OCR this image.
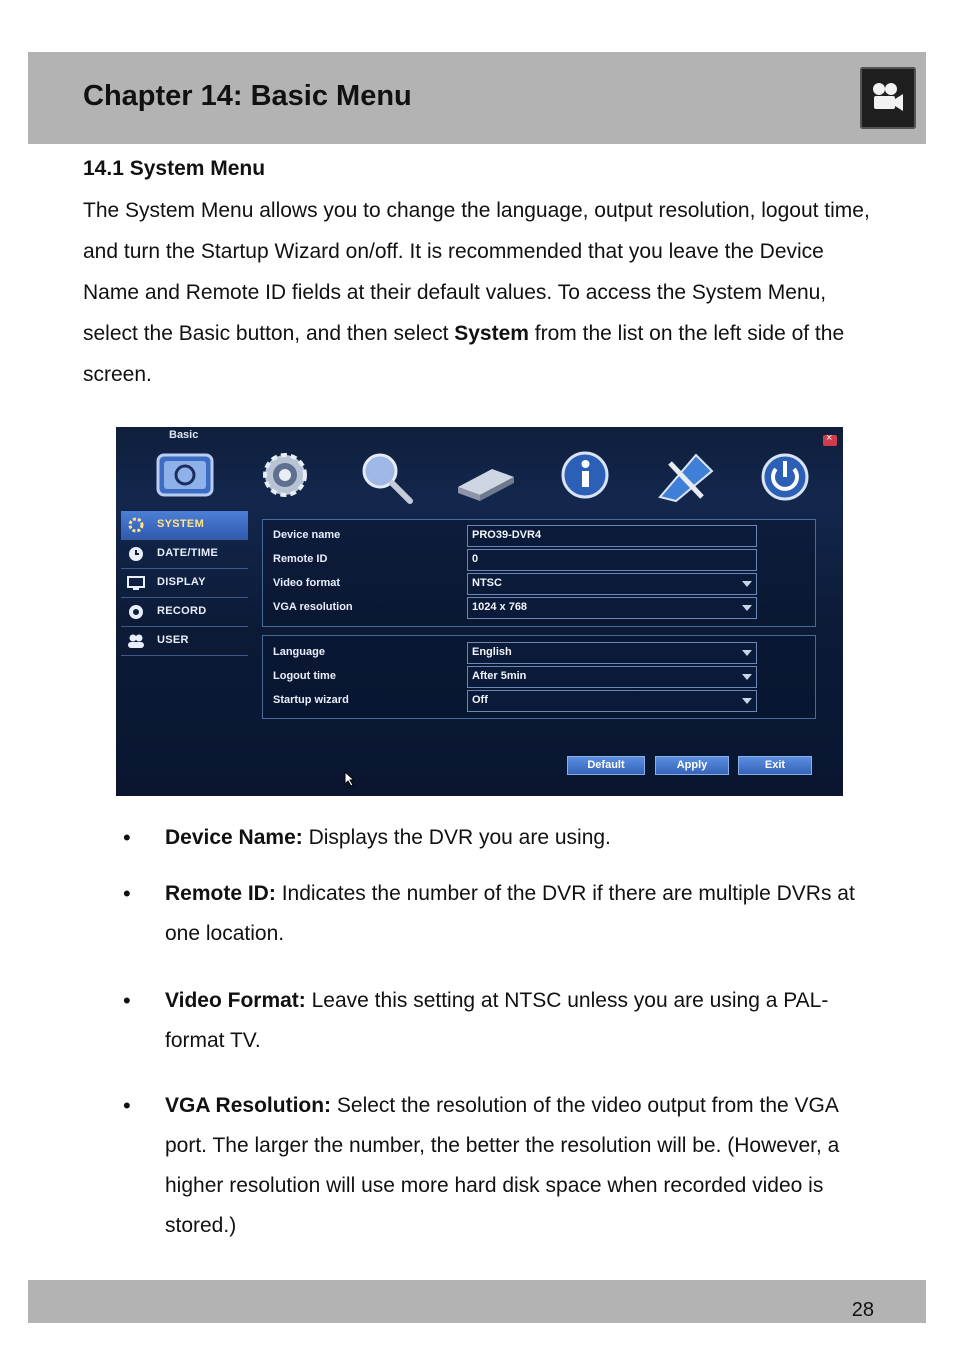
Chapter 14: Basic Menu
14.1 System Menu
The System Menu allows you to change the language, output resolution, logout time, and turn the Startup Wizard on/off. It is recommended that you leave the Device Name and Remote ID fields at their default values. To access the System Menu, select the Basic button, and then select System from the list on the left side of the screen.
Basic
×
SYSTEM
DATE/TIME
DISPLAY
RECORD
USER
Device name	PRO39-DVR4
Remote ID	0
Video format	NTSC
VGA resolution	1024 x 768
Language	English
Logout time	After 5min
Startup wizard	Off
Default	Apply	Exit
• Device Name: Displays the DVR you are using.
• Remote ID: Indicates the number of the DVR if there are multiple DVRs at one location.
• Video Format: Leave this setting at NTSC unless you are using a PAL-format TV.
• VGA Resolution: Select the resolution of the video output from the VGA port. The larger the number, the better the resolution will be. (However, a higher resolution will use more hard disk space when recorded video is stored.)
28
